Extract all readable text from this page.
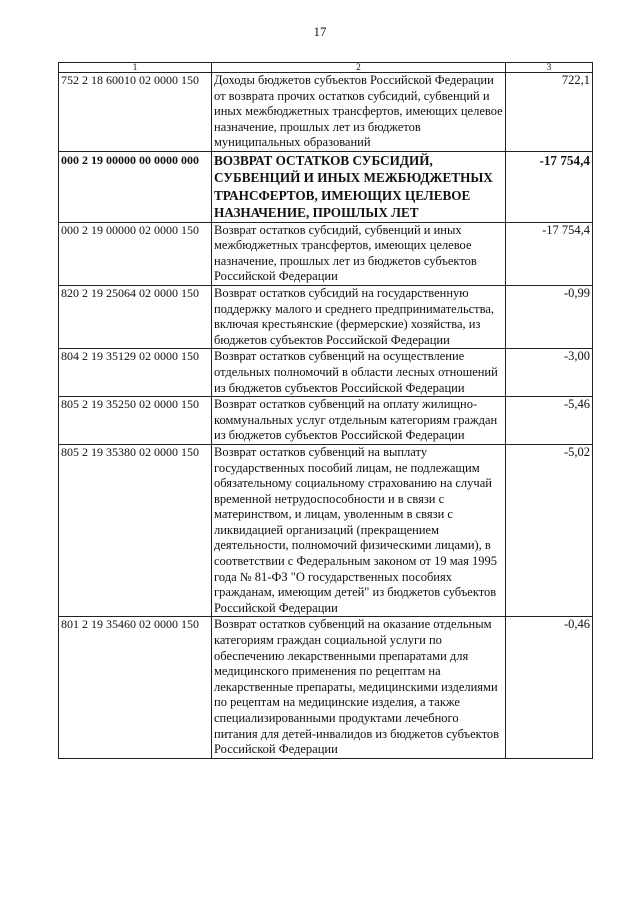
17
1	2	3
752 2 18 60010 02 0000 150	Доходы бюджетов субъектов Российской Федерации от возврата прочих остатков субсидий, субвенций и иных межбюджетных трансфертов, имеющих целевое назначение, прошлых лет из бюджетов муниципальных образований	722,1
000 2 19 00000 00 0000 000	ВОЗВРАТ ОСТАТКОВ СУБСИДИЙ, СУБВЕНЦИЙ И ИНЫХ МЕЖБЮДЖЕТНЫХ ТРАНСФЕРТОВ, ИМЕЮЩИХ ЦЕЛЕВОЕ НАЗНАЧЕНИЕ, ПРОШЛЫХ ЛЕТ	-17 754,4
000 2 19 00000 02 0000 150	Возврат остатков субсидий, субвенций и иных межбюджетных трансфертов, имеющих целевое назначение, прошлых лет из бюджетов субъектов Российской Федерации	-17 754,4
820 2 19 25064 02 0000 150	Возврат остатков субсидий на государственную поддержку малого и среднего предпринимательства, включая крестьянские (фермерские) хозяйства, из бюджетов субъектов Российской Федерации	-0,99
804 2 19 35129 02 0000 150	Возврат остатков субвенций на осуществление отдельных полномочий в области лесных отношений из бюджетов субъектов Российской Федерации	-3,00
805 2 19 35250 02 0000 150	Возврат остатков субвенций на оплату жилищно-коммунальных услуг отдельным категориям граждан из бюджетов субъектов Российской Федерации	-5,46
805 2 19 35380 02 0000 150	Возврат остатков субвенций на выплату государственных пособий лицам, не подлежащим обязательному социальному страхованию на случай временной нетрудоспособности и в связи с материнством, и лицам, уволенным в связи с ликвидацией организаций (прекращением деятельности, полномочий физическими лицами), в соответствии с Федеральным законом от 19 мая 1995 года № 81-ФЗ "О государственных пособиях гражданам, имеющим детей" из бюджетов субъектов Российской Федерации	-5,02
801 2 19 35460 02 0000 150	Возврат остатков субвенций на оказание отдельным категориям граждан социальной услуги по обеспечению лекарственными препаратами для медицинского применения по рецептам на лекарственные препараты, медицинскими изделиями по рецептам на медицинские изделия, а также специализированными продуктами лечебного питания для детей-инвалидов из бюджетов субъектов Российской Федерации	-0,46
